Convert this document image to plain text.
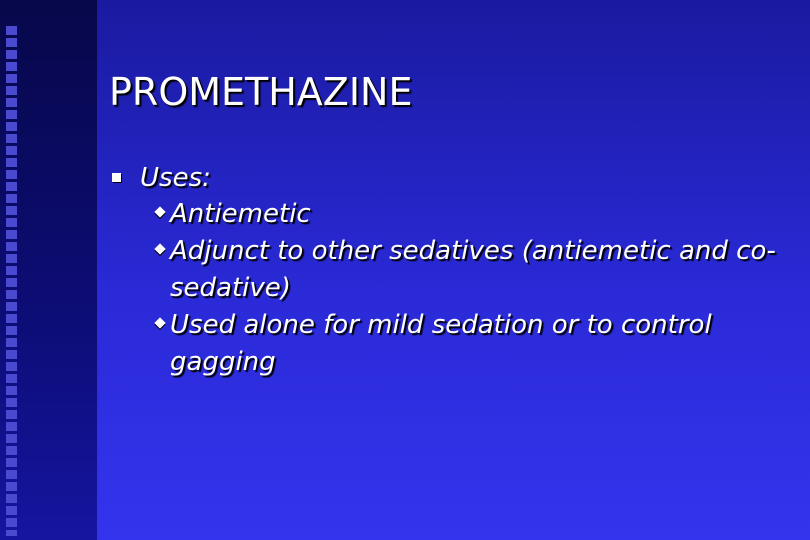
PROMETHAZINE
Uses:
Antiemetic
Adjunct to other sedatives (antiemetic and co-sedative)
Used alone for mild sedation or to control gagging
